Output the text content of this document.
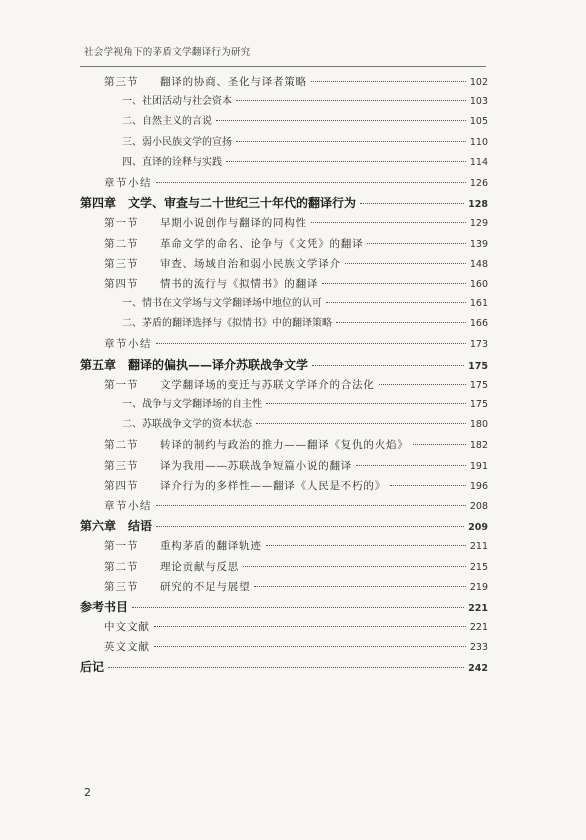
社会学视角下的茅盾文学翻译行为研究
第三节 翻译的协商、圣化与译者策略	102
一、社团活动与社会资本	103
二、自然主义的言说	105
三、弱小民族文学的宣扬	110
四、直译的诠释与实践	114
章节小结	126
第四章 文学、审查与二十世纪三十年代的翻译行为	128
第一节 早期小说创作与翻译的同构性	129
第二节 革命文学的命名、论争与《文凭》的翻译	139
第三节 审查、场域自治和弱小民族文学译介	148
第四节 情书的流行与《拟情书》的翻译	160
一、情书在文学场与文学翻译场中地位的认可	161
二、茅盾的翻译选择与《拟情书》中的翻译策略	166
章节小结	173
第五章 翻译的偏执——译介苏联战争文学	175
第一节 文学翻译场的变迁与苏联文学译介的合法化	175
一、战争与文学翻译场的自主性	175
二、苏联战争文学的资本状态	180
第二节 转译的制约与政治的推力——翻译《复仇的火焰》	182
第三节 译为我用——苏联战争短篇小说的翻译	191
第四节 译介行为的多样性——翻译《人民是不朽的》	196
章节小结	208
第六章 结语	209
第一节 重构茅盾的翻译轨迹	211
第二节 理论贡献与反思	215
第三节 研究的不足与展望	219
参考书目	221
中文文献	221
英文文献	233
后记	242
2
